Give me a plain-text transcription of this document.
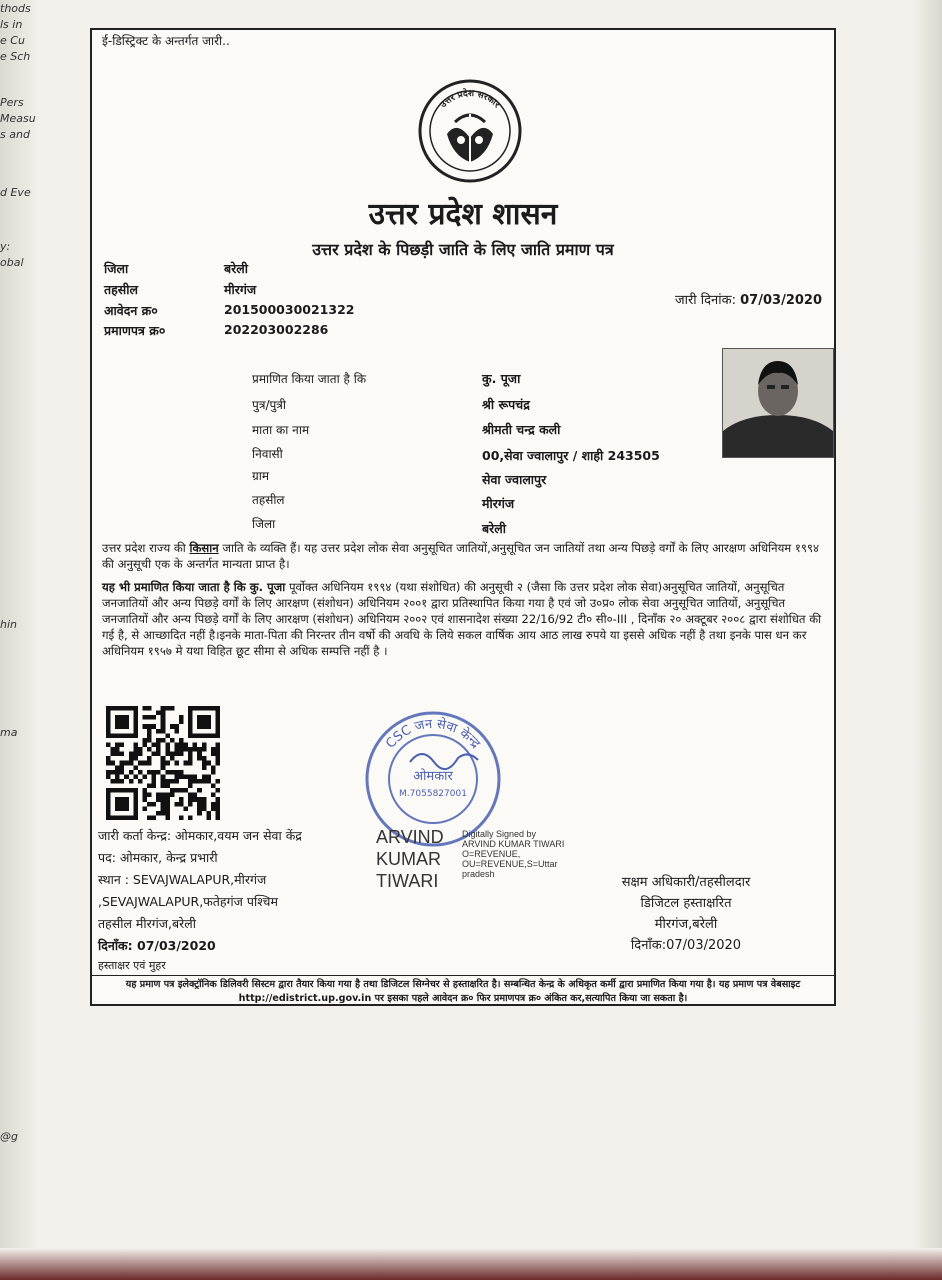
thods
ls in
e Cu
e Sch
Pers
Measu
s and
d Eve
y:
obal
hin
ma
@g
ई-डिस्ट्रिक्ट के अन्तर्गत जारी..
उत्तर प्रदेश सरकार
उत्तर प्रदेश शासन
उत्तर प्रदेश के पिछड़ी जाति के लिए जाति प्रमाण पत्र
जिला	बरेली
तहसील	मीरगंज
आवेदन क्र०	201500030021322
प्रमाणपत्र क्र०	202203002286
जारी दिनांक: 07/03/2020
प्रमाणित किया जाता है कि	कु. पूजा
पुत्र/पुत्री	श्री रूपचंद्र
माता का नाम	श्रीमती चन्द्र कली
निवासी	00,सेवा ज्वालापुर / शाही 243505
ग्राम	सेवा ज्वालापुर
तहसील	मीरगंज
जिला	बरेली
उत्तर प्रदेश राज्य की किसान जाति के व्यक्ति हैं। यह उत्तर प्रदेश लोक सेवा अनुसूचित जातियों,अनुसूचित जन जातियों तथा अन्य पिछड़े वर्गों के लिए आरक्षण अधिनियम १९९४ की अनुसूची एक के अन्तर्गत मान्यता प्राप्त है।
यह भी प्रमाणित किया जाता है कि कु. पूजा पूर्वोक्त अधिनियम १९९४ (यथा संशोधित) की अनुसूची २ (जैसा कि उत्तर प्रदेश लोक सेवा)अनुसूचित जातियों, अनुसूचित जनजातियों और अन्य पिछड़े वर्गों के लिए आरक्षण (संशोधन) अधिनियम २००१ द्वारा प्रतिस्थापित किया गया है एवं जो उ०प्र० लोक सेवा अनुसूचित जातियों, अनुसूचित जनजातियों और अन्य पिछड़े वर्गों के लिए आरक्षण (संशोधन) अधिनियम २००२ एवं शासनादेश संख्या 22/16/92 टी० सी०-III , दिनाँक २० अक्टूबर २००८ द्वारा संशोधित की गई है, से आच्छादित नहीं है।इनके माता-पिता की निरन्तर तीन वर्षो की अवधि के लिये सकल वार्षिक आय आठ लाख रुपये या इससे अधिक नहीं है तथा इनके पास धन कर अधिनियम १९५७ मे यथा विहित छूट सीमा से अधिक सम्पत्ति नहीं है ।
CSC जन सेवा केन्द्र
ओमकार
M.7055827001
ARVIND
KUMAR
TIWARI
Digitally Signed by
ARVIND KUMAR TIWARI
O=REVENUE,
OU=REVENUE,S=Uttar
pradesh
जारी कर्ता केन्द्र: ओमकार,वयम जन सेवा केंद्र
पद: ओमकार, केन्द्र प्रभारी
स्थान : SEVAJWALAPUR,मीरगंज
,SEVAJWALAPUR,फतेहगंज पश्चिम
तहसील मीरगंज,बरेली
दिनाँक: 07/03/2020
हस्ताक्षर एवं मुहर
सक्षम अधिकारी/तहसीलदार
डिजिटल हस्ताक्षरित
मीरगंज,बरेली
दिनाँक:07/03/2020
यह प्रमाण पत्र इलेक्ट्रॉनिक डिलिवरी सिस्टम द्वारा तैयार किया गया है तथा डिजिटल सिग्नेचर से हस्ताक्षरित है। सम्बन्धित केन्द्र के अधिकृत कर्मी द्वारा प्रमाणित किया गया है। यह प्रमाण पत्र वेबसाइट http://edistrict.up.gov.in पर इसका पहले आवेदन क्र० फिर प्रमाणपत्र क्र० अंकित कर,सत्यापित किया जा सकता है।
